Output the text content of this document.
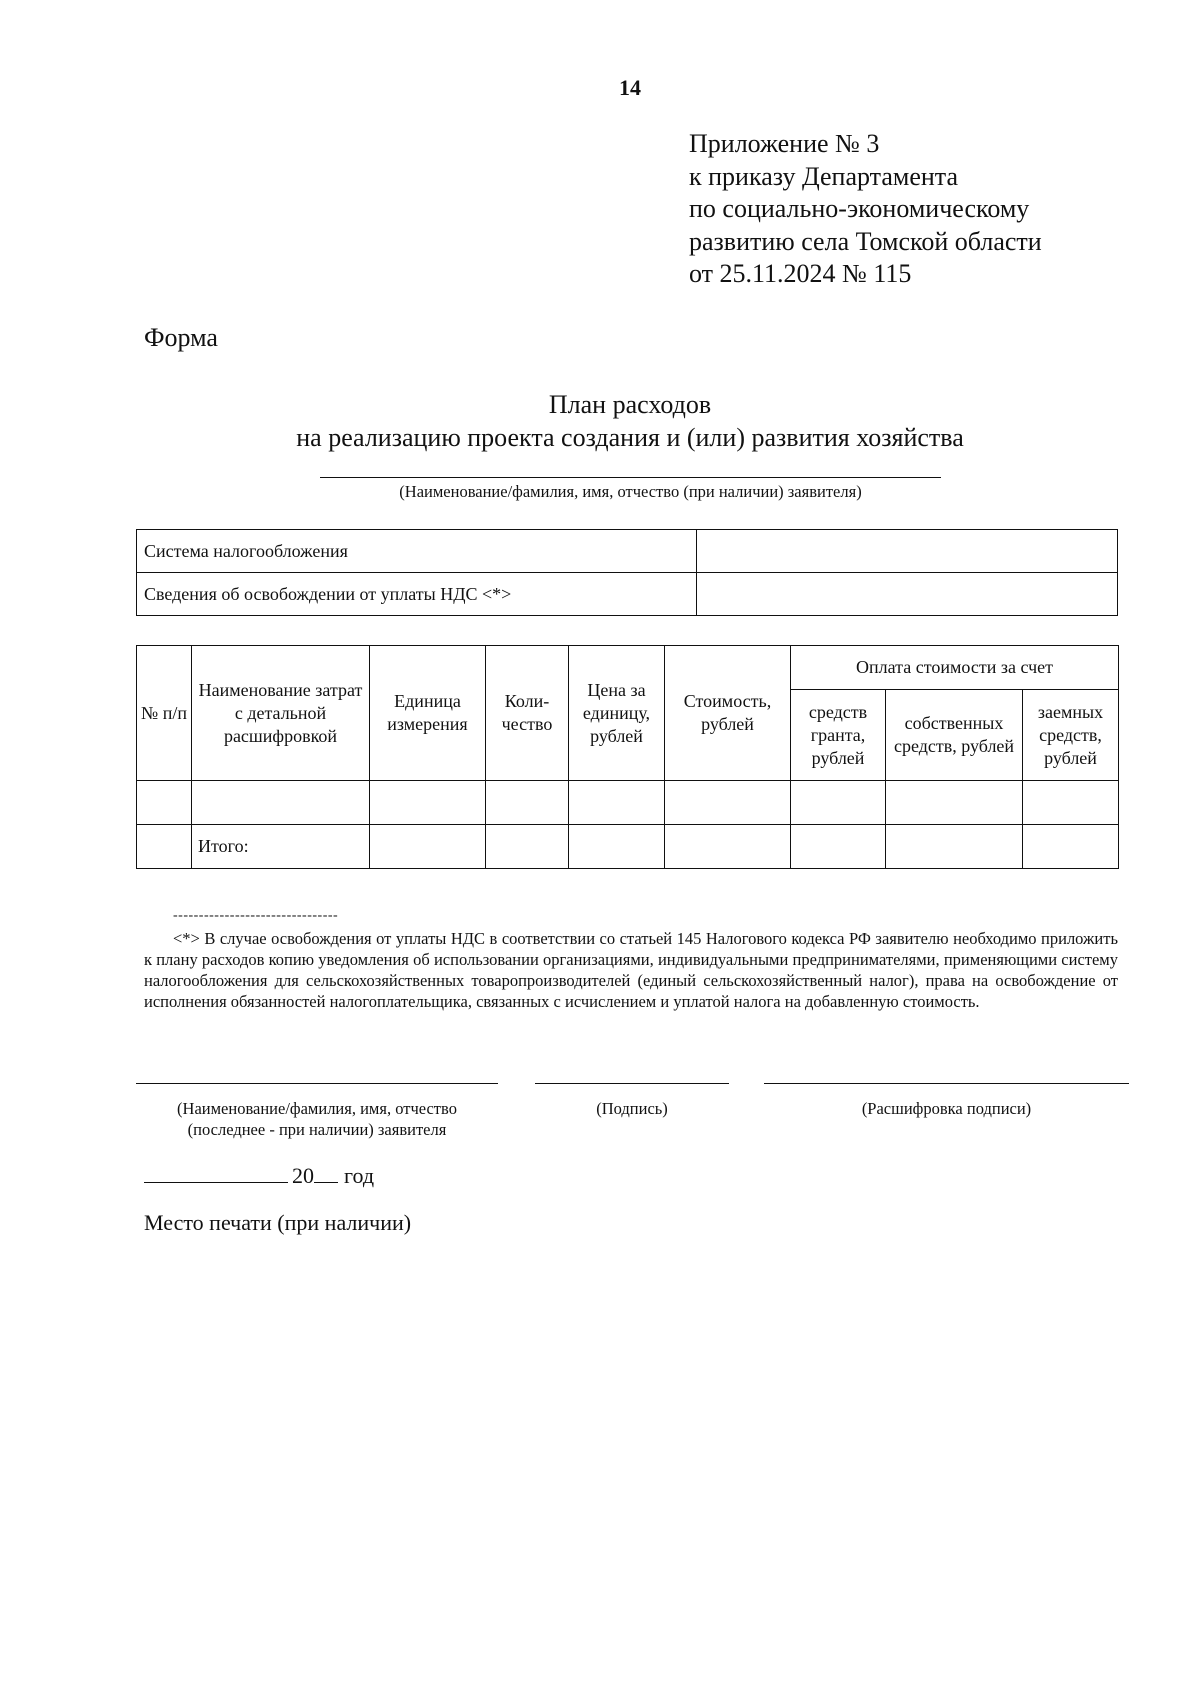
14
Приложение № 3
к приказу Департамента
по социально-экономическому
развитию села Томской области
от 25.11.2024 № 115
Форма
План расходов
на реализацию проекта создания и (или) развития хозяйства
(Наименование/фамилия, имя, отчество (при наличии) заявителя)
Система налогообложения	
Сведения об освобождении от уплаты НДС <*>	
№ п/п	Наименование затрат с детальной расшифровкой	Единица измерения	Коли-чество	Цена за единицу, рублей	Стоимость, рублей	Оплата стоимости за счет		
						средств гранта, рублей	собственных средств, рублей	заемных средств, рублей

	Итого:							
--------------------------------
<*> В случае освобождения от уплаты НДС в соответствии со статьей 145 Налогового кодекса РФ заявителю необходимо приложить к плану расходов копию уведомления об использовании организациями, индивидуальными предпринимателями, применяющими систему налогообложения для сельскохозяйственных товаропроизводителей (единый сельскохозяйственный налог), права на освобождение от исполнения обязанностей налогоплательщика, связанных с исчислением и уплатой налога на добавленную стоимость.
(Наименование/фамилия, имя, отчество
(последнее - при наличии) заявителя
(Подпись)	(Расшифровка подписи)
20 год
Место печати (при наличии)
